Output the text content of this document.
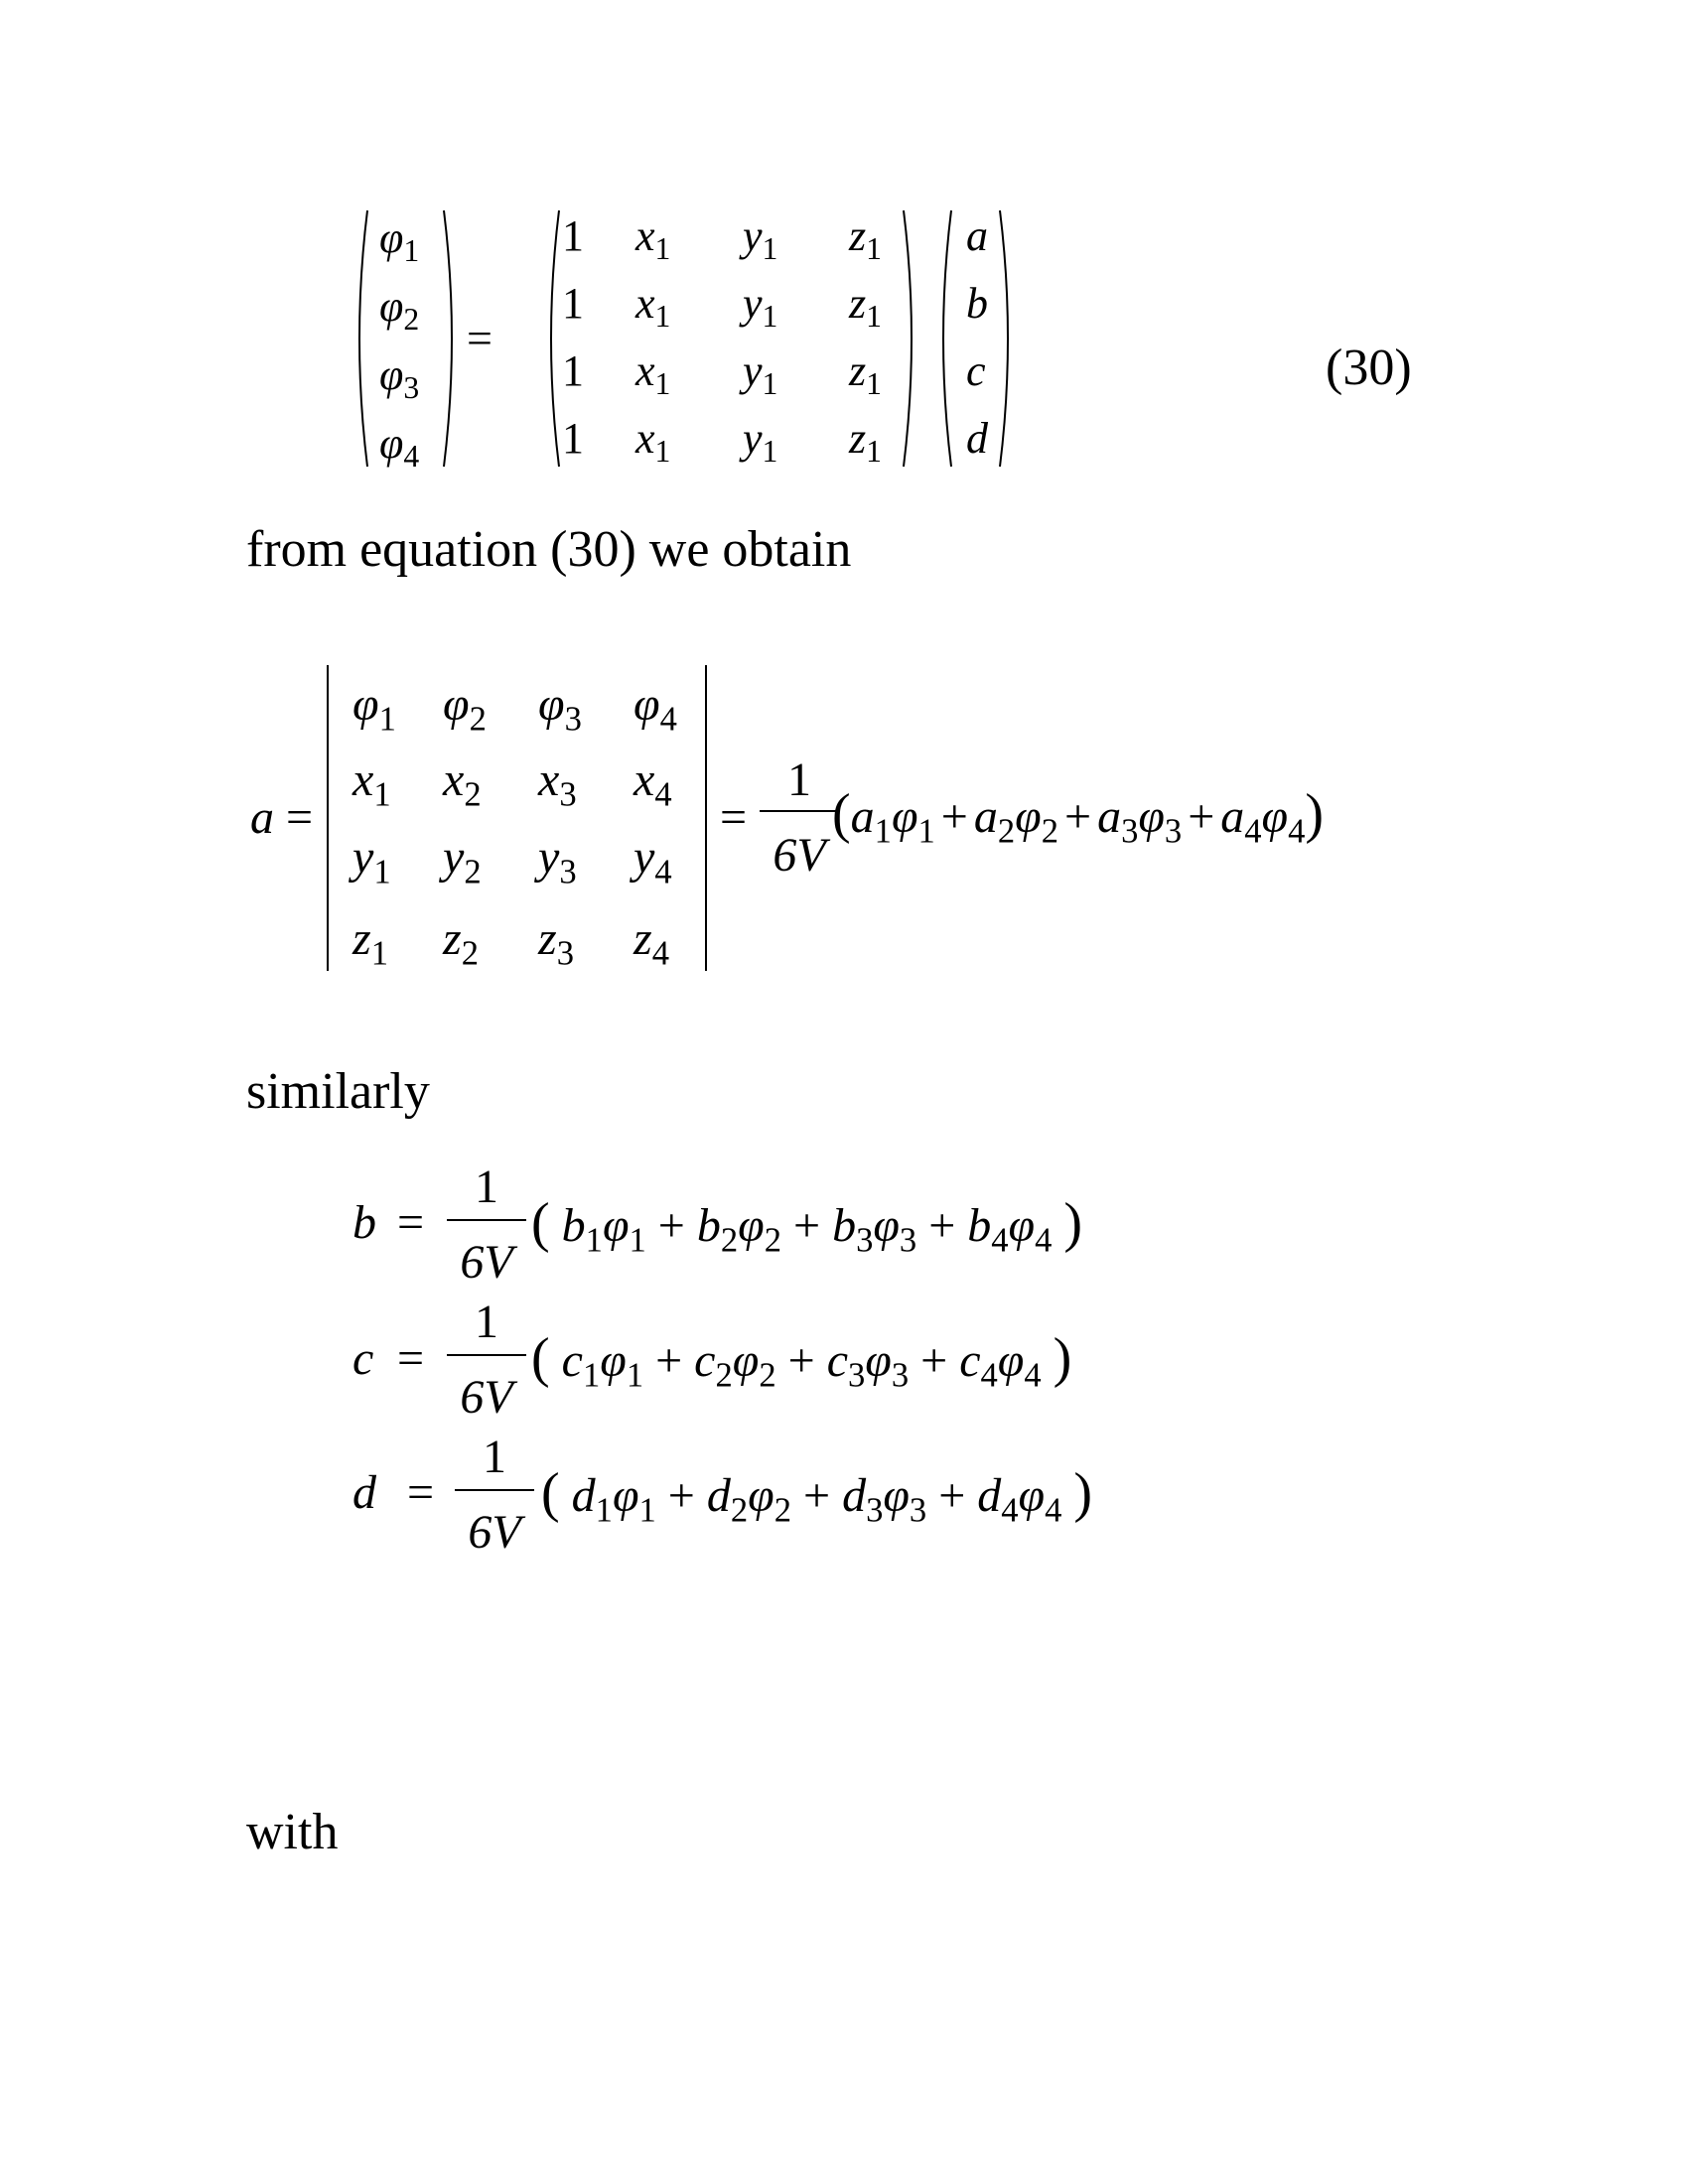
$\varphi_1$
$\varphi_2$
$\varphi_3$
$\varphi_4$
=
1 $x_1$ $y_1$ $z_1$
1 $x_1$ $y_1$ $z_1$
1 $x_1$ $y_1$ $z_1$
1 $x_1$ $y_1$ $z_1$
a
b
c
d
(30)
from equation (30) we obtain
a =
$\varphi_1$ $\varphi_2$ $\varphi_3$ $\varphi_4$
$x_1$ $x_2$ $x_3$ $x_4$
$y_1$ $y_2$ $y_3$ $y_4$
$z_1$ $z_2$ $z_3$ $z_4$
=
1
6V
$(a_1\varphi_1 + a_2\varphi_2 + a_3\varphi_3 + a_4\varphi_4)$
similarly
b =
1
6V
( $b_1\varphi_1 + b_2\varphi_2 + b_3\varphi_3 + b_4\varphi_4$ )
c =
1
6V
( $c_1\varphi_1 + c_2\varphi_2 + c_3\varphi_3 + c_4\varphi_4$ )
d =
1
6V
( $d_1\varphi_1 + d_2\varphi_2 + d_3\varphi_3 + d_4\varphi_4$ )
with
